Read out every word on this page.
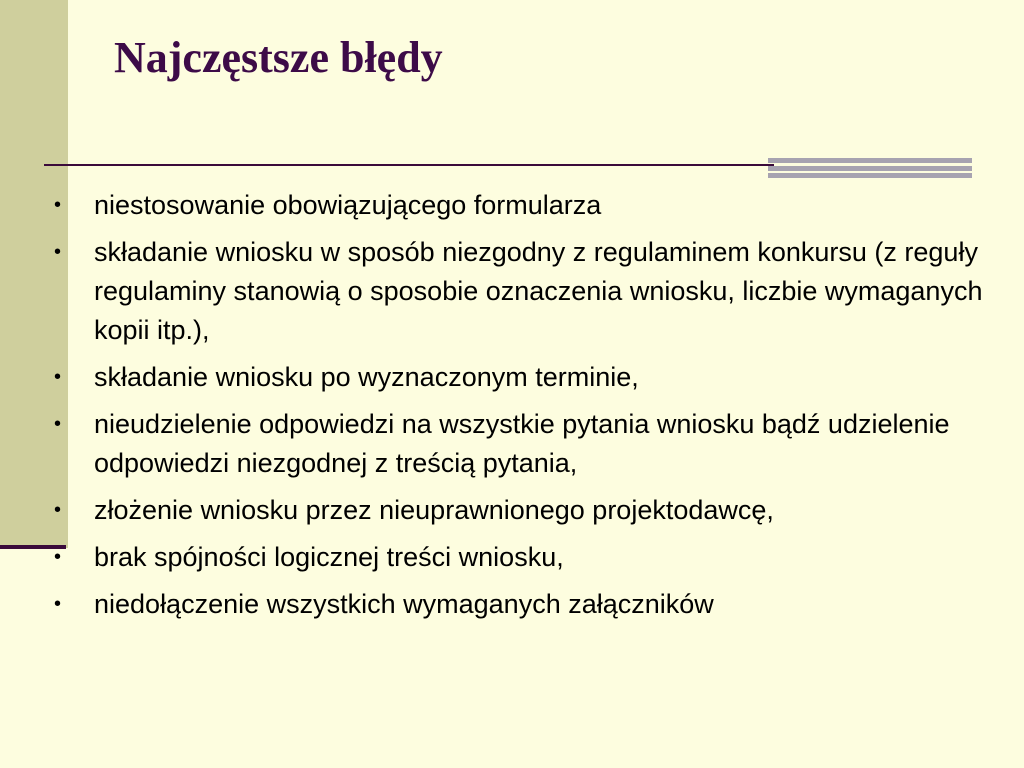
Najczęstsze błędy
•	niestosowanie obowiązującego formularza
•	składanie wniosku w sposób niezgodny z regulaminem konkursu (z reguły regulaminy stanowią o sposobie oznaczenia wniosku, liczbie wymaganych kopii itp.),
•	składanie wniosku po wyznaczonym terminie,
•	nieudzielenie odpowiedzi na wszystkie pytania wniosku bądź udzielenie odpowiedzi niezgodnej z treścią pytania,
•	złożenie wniosku przez nieuprawnionego projektodawcę,
•	brak spójności logicznej treści wniosku,
•	niedołączenie wszystkich wymaganych załączników
